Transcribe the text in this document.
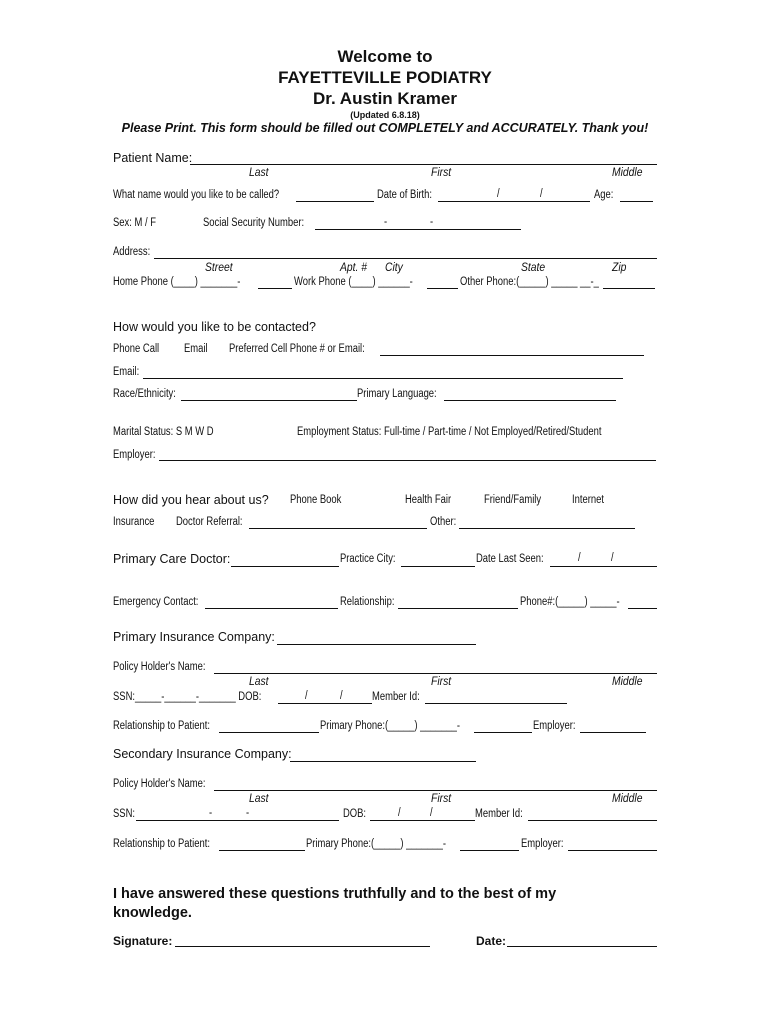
Welcome to
FAYETTEVILLE PODIATRY
Dr. Austin Kramer
(Updated 6.8.18)
Please Print. This form should be filled out COMPLETELY and ACCURATELY. Thank you!
Patient Name:
Last	First	Middle
What name would you like to be called?	Date of Birth:	/	/	Age:
Sex: M / F	Social Security Number:	-	-
Address:
Street	Apt. # City	State	Zip
Home Phone (____) _______-	Work Phone (____) ______-	Other Phone:(_____) _____ __-_
How would you like to be contacted?
Phone Call Email Preferred Cell Phone # or Email:
Email:
Race/Ethnicity:	Primary Language:
Marital Status: S M W D	Employment Status: Full-time / Part-time / Not Employed/Retired/Student
Employer:
How did you hear about us? Phone Book	Health Fair	Friend/Family	Internet
Insurance Doctor Referral:	Other:
Primary Care Doctor:	Practice City:	Date Last Seen:	/	/
Emergency Contact:	Relationship:	Phone#:(_____) _____-
Primary Insurance Company:
Policy Holder's Name:
Last	First	Middle
SSN:_____-______-_______ DOB:	/	/	Member Id:
Relationship to Patient:	Primary Phone:(_____) _______-	Employer:
Secondary Insurance Company:
Policy Holder's Name:
Last	First	Middle
SSN:	-	-	DOB:	/	/	Member Id:
Relationship to Patient:	Primary Phone:(_____) _______-	Employer:
I have answered these questions truthfully and to the best of my knowledge.
Signature:	Date:
